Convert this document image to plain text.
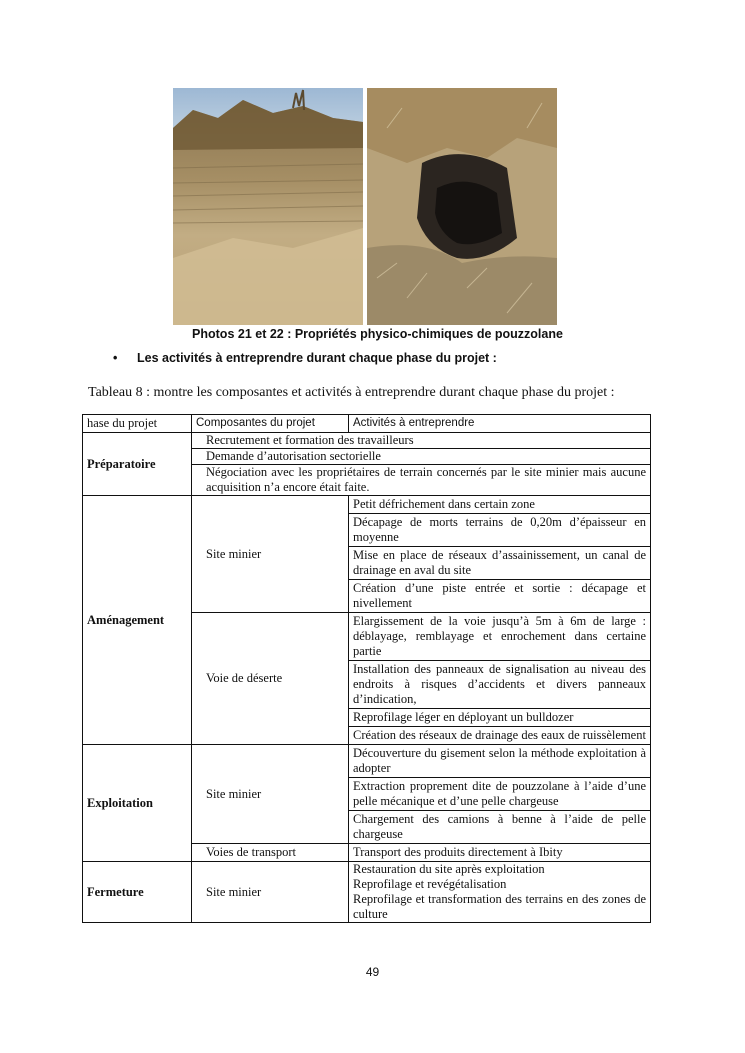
Photos 21 et 22 : Propriétés physico-chimiques de pouzzolane
• Les activités à entreprendre durant chaque phase du projet :
Tableau 8 : montre les composantes et activités à entreprendre durant chaque phase du projet :
hase du projet	Composantes du projet	Activités à entreprendre
Préparatoire	Recrutement et formation des travailleurs	
	Demande d’autorisation sectorielle	
	Négociation avec les propriétaires de terrain concernés par le site minier mais aucune acquisition n’a encore était faite.	
Aménagement	Site minier	Petit défrichement dans certain zone
		Décapage de morts terrains de 0,20m d’épaisseur en moyenne
		Mise en place de réseaux d’assainissement, un canal de drainage en aval du site
		Création d’une piste entrée et sortie : décapage et nivellement
	Voie de déserte	Elargissement de la voie jusqu’à 5m à 6m de large : déblayage, remblayage et enrochement dans certaine partie
		Installation des panneaux de signalisation au niveau des endroits à risques d’accidents et divers panneaux d’indication,
		Reprofilage léger en déployant un bulldozer
		Création des réseaux de drainage des eaux de ruissèlement
Exploitation	Site minier	Découverture du gisement selon la méthode exploitation à adopter
		Extraction proprement dite de pouzzolane à l’aide d’une pelle mécanique et d’une pelle chargeuse
		Chargement des camions à benne à l’aide de pelle chargeuse
	Voies de transport	Transport des produits directement à Ibity
Fermeture	Site minier	Restauration du site après exploitation
Reprofilage et revégétalisation
Reprofilage et transformation des terrains en des zones de culture
49
